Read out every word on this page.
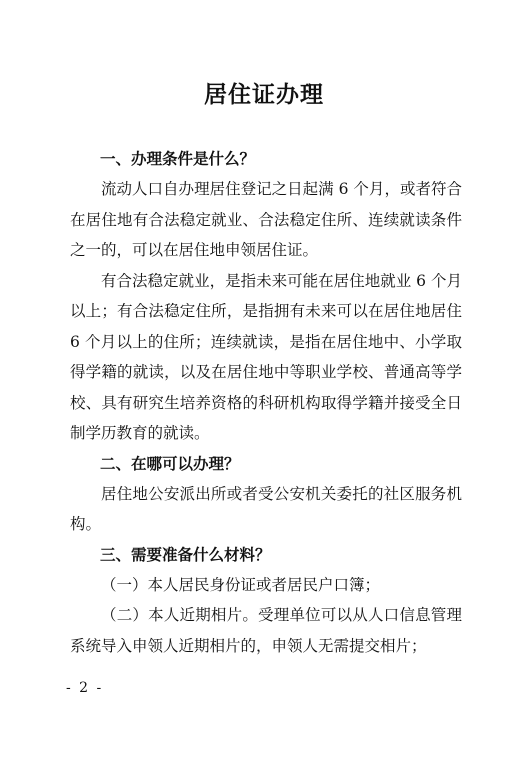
居住证办理
一、办理条件是什么？

流动人口自办理居住登记之日起满 6 个月，或者符合在居住地有合法稳定就业、合法稳定住所、连续就读条件之一的，可以在居住地申领居住证。

有合法稳定就业，是指未来可能在居住地就业 6 个月以上；有合法稳定住所，是指拥有未来可以在居住地居住 6 个月以上的住所；连续就读，是指在居住地中、小学取得学籍的就读，以及在居住地中等职业学校、普通高等学校、具有研究生培养资格的科研机构取得学籍并接受全日制学历教育的就读。

二、在哪可以办理？

居住地公安派出所或者受公安机关委托的社区服务机构。

三、需要准备什么材料？

（一）本人居民身份证或者居民户口簿；

（二）本人近期相片。受理单位可以从人口信息管理系统导入申领人近期相片的，申领人无需提交相片；

- 2 -
